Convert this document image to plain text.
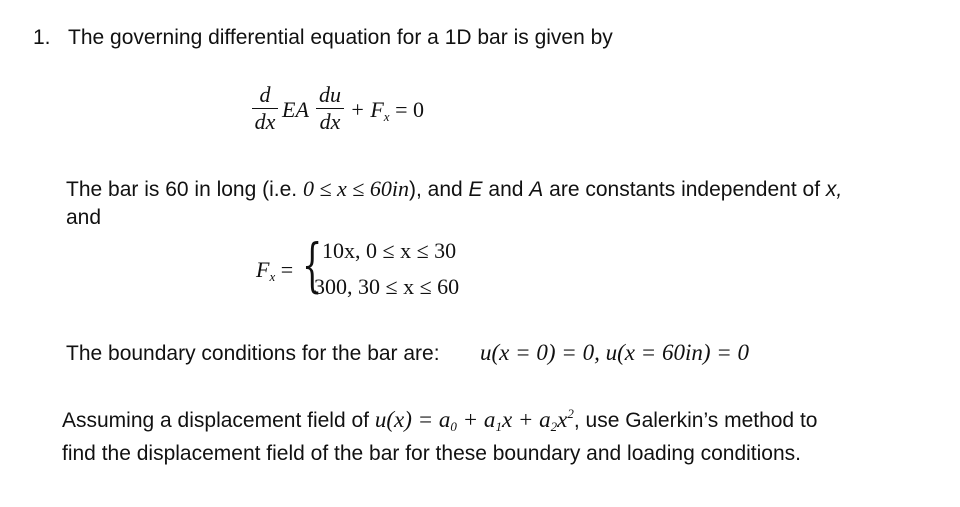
1. The governing differential equation for a 1D bar is given by
d
dx EA
du
dx + $F_x = 0$
The bar is 60 in long (i.e. 0 ≤ x ≤ 60in), and E and A are constants independent of x,
and
$F_x$ = { 10x, 0 ≤ x ≤ 30
300, 30 ≤ x ≤ 60
The boundary conditions for the bar are: u(x = 0) = 0, u(x = 60in) = 0
Assuming a displacement field of $u(x) = a_0 + a_1x + a_2x^2$, use Galerkin’s method to
find the displacement field of the bar for these boundary and loading conditions.
